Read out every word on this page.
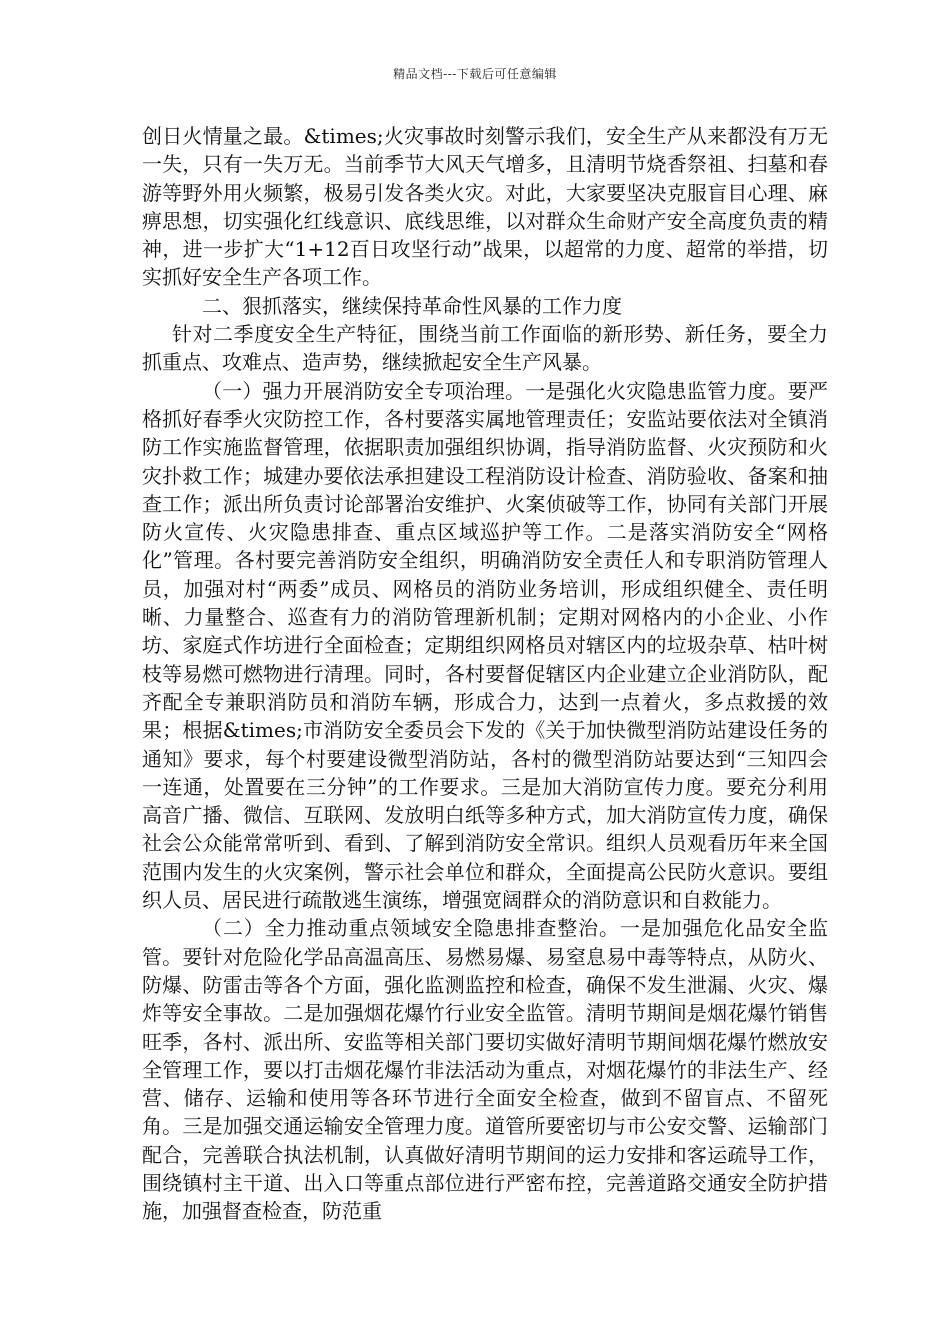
精品文档---下载后可任意编辑

创日火情量之最。&times;火灾事故时刻警示我们，安全生产从来都没有万无一失，只有一失万无。当前季节大风天气增多，且清明节烧香祭祖、扫墓和春游等野外用火频繁，极易引发各类火灾。对此，大家要坚决克服盲目心理、麻痹思想，切实强化红线意识、底线思维，以对群众生命财产安全高度负责的精神，进一步扩大“1+12百日攻坚行动”战果，以超常的力度、超常的举措，切实抓好安全生产各项工作。

二、狠抓落实，继续保持革命性风暴的工作力度

针对二季度安全生产特征，围绕当前工作面临的新形势、新任务，要全力抓重点、攻难点、造声势，继续掀起安全生产风暴。

（一）强力开展消防安全专项治理。一是强化火灾隐患监管力度。要严格抓好春季火灾防控工作，各村要落实属地管理责任；安监站要依法对全镇消防工作实施监督管理，依据职责加强组织协调，指导消防监督、火灾预防和火灾扑救工作；城建办要依法承担建设工程消防设计检查、消防验收、备案和抽查工作；派出所负责讨论部署治安维护、火案侦破等工作，协同有关部门开展防火宣传、火灾隐患排查、重点区域巡护等工作。二是落实消防安全“网格化”管理。各村要完善消防安全组织，明确消防安全责任人和专职消防管理人员，加强对村“两委”成员、网格员的消防业务培训，形成组织健全、责任明晰、力量整合、巡查有力的消防管理新机制；定期对网格内的小企业、小作坊、家庭式作坊进行全面检查；定期组织网格员对辖区内的垃圾杂草、枯叶树枝等易燃可燃物进行清理。同时，各村要督促辖区内企业建立企业消防队，配齐配全专兼职消防员和消防车辆，形成合力，达到一点着火，多点救援的效果；根据&times;市消防安全委员会下发的《关于加快微型消防站建设任务的通知》要求，每个村要建设微型消防站，各村的微型消防站要达到“三知四会一连通，处置要在三分钟”的工作要求。三是加大消防宣传力度。要充分利用高音广播、微信、互联网、发放明白纸等多种方式，加大消防宣传力度，确保社会公众能常常听到、看到、了解到消防安全常识。组织人员观看历年来全国范围内发生的火灾案例，警示社会单位和群众，全面提高公民防火意识。要组织人员、居民进行疏散逃生演练，增强宽阔群众的消防意识和自救能力。

（二）全力推动重点领域安全隐患排查整治。一是加强危化品安全监管。要针对危险化学品高温高压、易燃易爆、易窒息易中毒等特点，从防火、防爆、防雷击等各个方面，强化监测监控和检查，确保不发生泄漏、火灾、爆炸等安全事故。二是加强烟花爆竹行业安全监管。清明节期间是烟花爆竹销售旺季，各村、派出所、安监等相关部门要切实做好清明节期间烟花爆竹燃放安全管理工作，要以打击烟花爆竹非法活动为重点，对烟花爆竹的非法生产、经营、储存、运输和使用等各环节进行全面安全检查，做到不留盲点、不留死角。三是加强交通运输安全管理力度。道管所要密切与市公安交警、运输部门配合，完善联合执法机制，认真做好清明节期间的运力安排和客运疏导工作，围绕镇村主干道、出入口等重点部位进行严密布控，完善道路交通安全防护措施，加强督查检查，防范重
